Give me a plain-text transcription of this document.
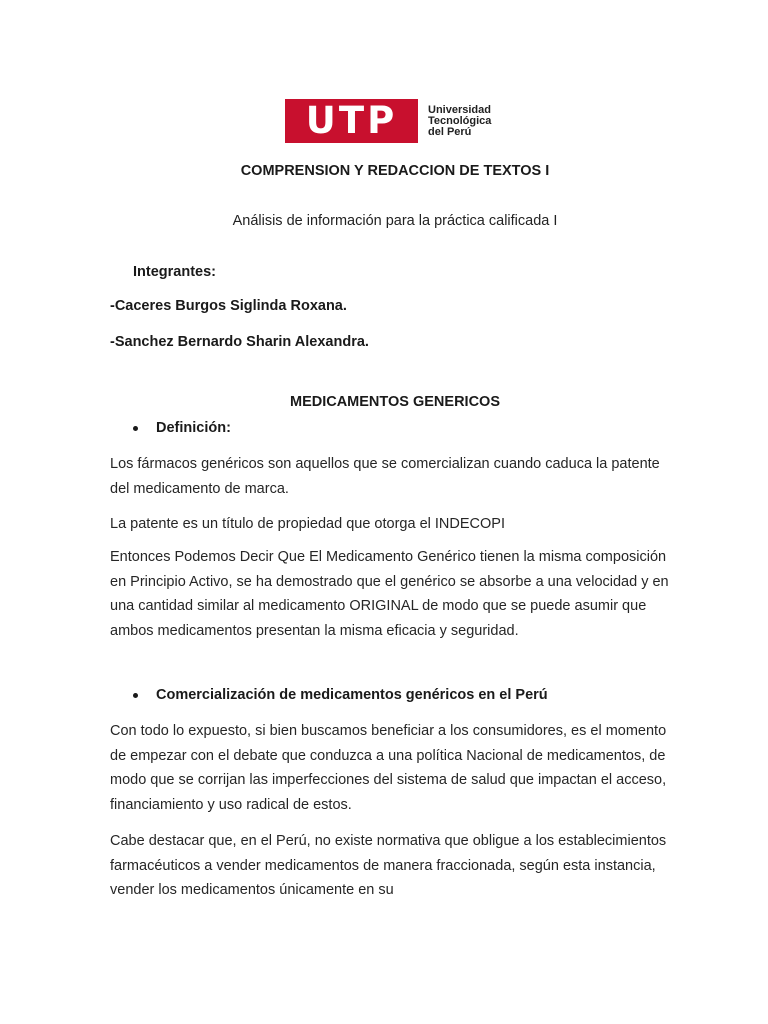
UTP	Universidad
Tecnológica
del Perú
COMPRENSION Y REDACCION DE TEXTOS I
Análisis de información para la práctica calificada I
Integrantes:
-Caceres Burgos Siglinda Roxana.
-Sanchez Bernardo Sharin Alexandra.
MEDICAMENTOS GENERICOS
Definición:

Los fármacos genéricos son aquellos que se comercializan cuando caduca la patente del medicamento de marca.

La patente es un título de propiedad que otorga el INDECOPI

Entonces Podemos Decir Que El Medicamento Genérico tienen la misma composición en Principio Activo, se ha demostrado que el genérico se absorbe a una velocidad y en una cantidad similar al medicamento ORIGINAL de modo que se puede asumir que ambos medicamentos presentan la misma eficacia y seguridad.

Comercialización de medicamentos genéricos en el Perú

Con todo lo expuesto, si bien buscamos beneficiar a los consumidores, es el momento de empezar con el debate que conduzca a una política Nacional de medicamentos, de modo que se corrijan las imperfecciones del sistema de salud que impactan el acceso, financiamiento y uso radical de estos.

Cabe destacar que, en el Perú, no existe normativa que obligue a los establecimientos farmacéuticos a vender medicamentos de manera fraccionada, según esta instancia, vender los medicamentos únicamente en su
